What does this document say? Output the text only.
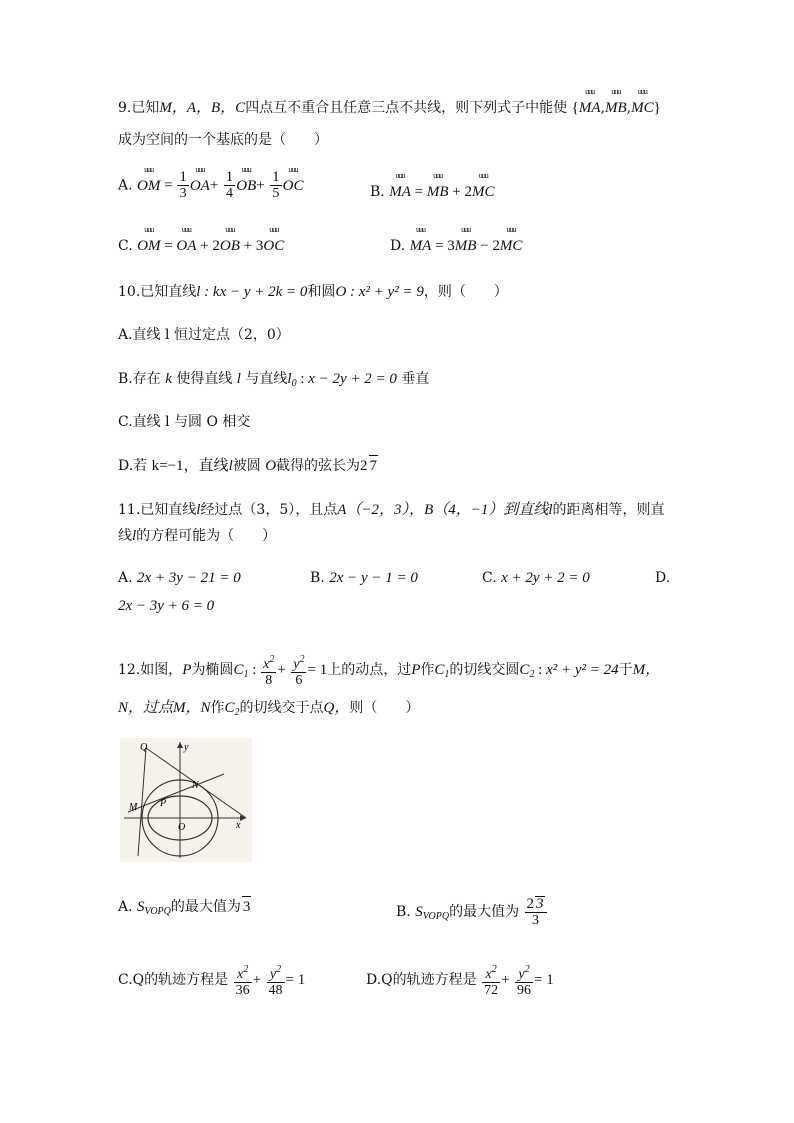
9.已知M，A，B，C四点互不重合且任意三点不共线，则下列式子中能使 {uuu MA,uuu MB,uuu MC}
成为空间的一个基底的是（　　）
A. uuu OM = $\frac{1}{3}$ uuu $OA+ \frac{1}{4}$ uuu $OB+ \frac{1}{5}$ uuu OC	B. uuu MA = uuu MB + 2uuu MC
C. uuu OM = uuu OA + 2uuu OB + 3uuu OC	D. uuu MA = 3uuu MB − 2uuu MC
10.已知直线l : kx − y + 2k = 0和圆O : x² + y² = 9，则（　　）
A.直线 l 恒过定点（2，0）
B.存在 k 使得直线 l 与直线$l_0$ : x − 2y + 2 = 0 垂直
C.直线 l 与圆 O 相交
D.若 k=−1，直线l被圆 O截得的弦长为2 7
11.已知直线l经过点（3，5），且点A（−2，3），B（4，−1）到直线l的距离相等，则直
线l的方程可能为（　　）
A. 2x + 3y − 21 = 0	B. 2x − y − 1 = 0	C. x + 2y + 2 = 0	D.
2x − 3y + 6 = 0
12.如图，P为椭圆$C_1$ : $\frac{x^2}{8} + \frac{y^2}{6} = 1$上的动点，过P作$C_1$的切线交圆$C_2$ : x² + y² = 24于M，
N，过点M，N作$C_2$的切线交于点Q，则（　　）
Q	y
M P
N
O	x
A. $S_{VOPQ}$的最大值为 3	B. $S_{VOPQ}$的最大值为 $\frac{2 3}{3}$
C.Q的轨迹方程是 $\frac{x^2}{36} + \frac{y^2}{48} = 1$	D.Q的轨迹方程是 $\frac{x^2}{72} + \frac{y^2}{96} = 1$
